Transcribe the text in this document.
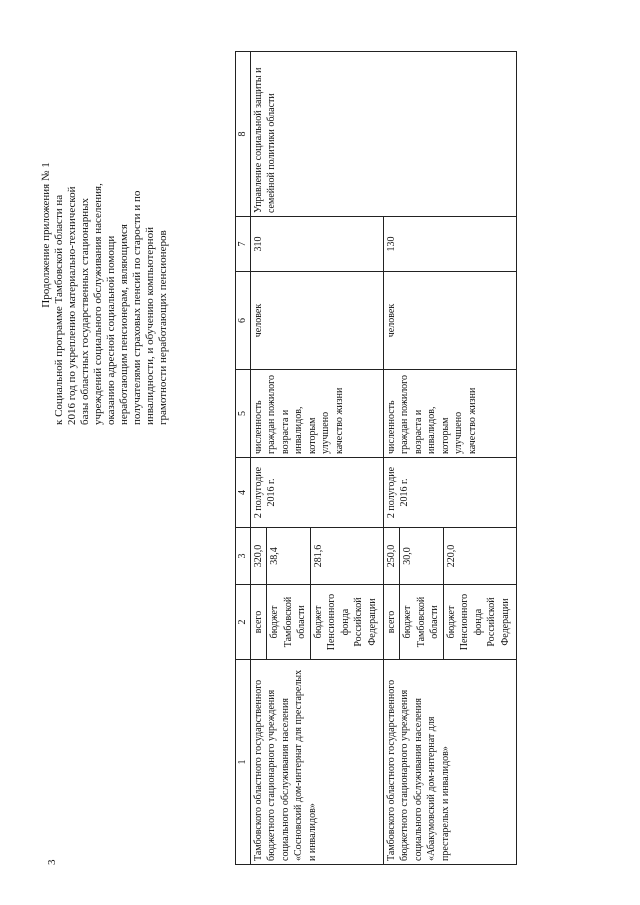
3
Продолжение приложения № 1 к Социальной программе Тамбовской области на 2016 год по укреплению материально-технической базы областных государственных стационарных учреждений социального обслуживания населения, оказанию адресной социальной помощи неработающим пенсионерам, являющимся получателями страховых пенсий по старости и по инвалидности, и обучению компьютерной грамотности неработающих пенсионеров
1	2	3	4	5	6	7	8
Тамбовского областного государственного бюджетного стационарного учреждения социального обслуживания населения «Сосновский дом-интернат для престарелых и инвалидов»	всего	320,0	2 полугодие 2016 г.	численность граждан пожилого возраста и инвалидов, которым улучшено качество жизни	человек	310	Управление социальной защиты и семейной политики области
	бюджет Тамбовской области	38,4					
	бюджет Пенсионного фонда Российской Федерации	281,6					
Тамбовского областного государственного бюджетного стационарного учреждения социального обслуживания населения «Абакумовский дом-интернат для престарелых и инвалидов»	всего	250,0	2 полугодие 2016 г.	численность граждан пожилого возраста и инвалидов, которым улучшено качество жизни	человек	130	
	бюджет Тамбовской области	30,0					
	бюджет Пенсионного фонда Российской Федерации	220,0					
